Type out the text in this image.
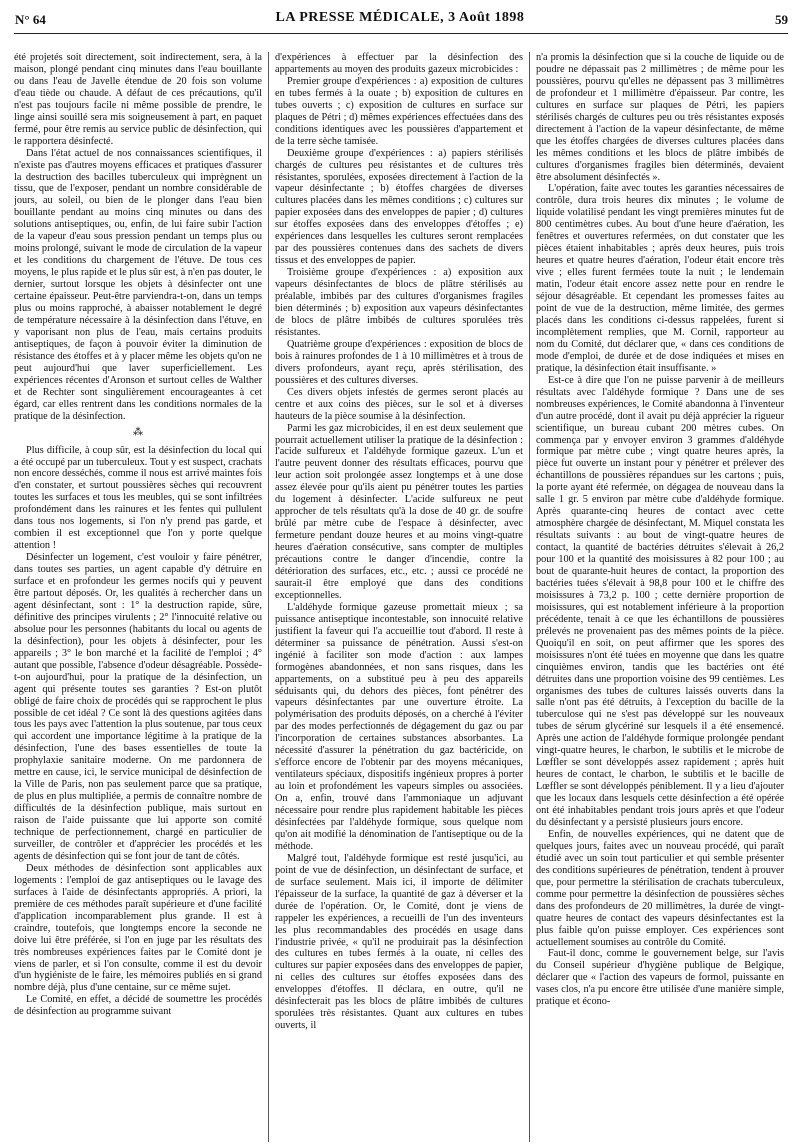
N° 64	LA PRESSE MÉDICALE, 3 Août 1898	59

été projetés soit directement, soit indirectement, sera, à la maison, plongé pendant cinq minutes dans l'eau bouillante ou dans l'eau de Javelle étendue de 20 fois son volume d'eau tiède ou chaude. A défaut de ces précautions, qu'il n'est pas toujours facile ni même possible de prendre, le linge ainsi souillé sera mis soigneusement à part, en paquet fermé, pour être remis au service public de désinfection, qui le rapportera désinfecté.

Dans l'état actuel de nos connaissances scientifiques, il n'existe pas d'autres moyens efficaces et pratiques d'assurer la destruction des bacilles tuberculeux qui imprègnent un tissu, que de l'exposer, pendant un nombre considérable de jours, au soleil, ou bien de le plonger dans l'eau bien bouillante pendant au moins cinq minutes ou dans des solutions antiseptiques, ou, enfin, de lui faire subir l'action de la vapeur d'eau sous pression pendant un temps plus ou moins prolongé, suivant le mode de circulation de la vapeur et les conditions du chargement de l'étuve. De tous ces moyens, le plus rapide et le plus sûr est, à n'en pas douter, le dernier, surtout lorsque les objets à désinfecter ont une certaine épaisseur. Peut-être parviendra-t-on, dans un temps plus ou moins rapproché, à abaisser notablement le degré de température nécessaire à la désinfection dans l'étuve, en y vaporisant non plus de l'eau, mais certains produits antiseptiques, de façon à pouvoir éviter la diminution de résistance des étoffes et à y placer même les objets qu'on ne peut aujourd'hui que laver superficiellement. Les expériences récentes d'Aronson et surtout celles de Walther et de Rechter sont singulièrement encourageantes à cet égard, car elles rentrent dans les conditions normales de la pratique de la désinfection.

⁂

Plus difficile, à coup sûr, est la désinfection du local qui a été occupé par un tuberculeux. Tout y est suspect, crachats non encore desséchés, comme il nous est arrivé maintes fois d'en constater, et surtout poussières sèches qui recouvrent toutes les surfaces et tous les meubles, qui se sont infiltrées profondément dans les rainures et les fentes qui pullulent dans tous nos logements, si l'on n'y prend pas garde, et combien il est exceptionnel que l'on y porte quelque attention !

Désinfecter un logement, c'est vouloir y faire pénétrer, dans toutes ses parties, un agent capable d'y détruire en surface et en profondeur les germes nocifs qui y peuvent être partout déposés. Or, les qualités à rechercher dans un agent désinfectant, sont : 1° la destruction rapide, sûre, définitive des principes virulents ; 2° l'innocuité relative ou absolue pour les personnes (habitants du local ou agents de la désinfection), pour les objets à désinfecter, pour les appareils ; 3° le bon marché et la facilité de l'emploi ; 4° autant que possible, l'absence d'odeur désagréable. Possède-t-on aujourd'hui, pour la pratique de la désinfection, un agent qui présente toutes ses garanties ? Est-on plutôt obligé de faire choix de procédés qui se rapprochent le plus possible de cet idéal ? Ce sont là des questions agitées dans tous les pays avec l'attention la plus soutenue, par tous ceux qui accordent une importance légitime à la pratique de la désinfection, l'une des bases essentielles de toute la prophylaxie sanitaire moderne. On me pardonnera de mettre en cause, ici, le service municipal de désinfection de la Ville de Paris, non pas seulement parce que sa pratique, de plus en plus multipliée, a permis de connaître nombre de difficultés de la désinfection publique, mais surtout en raison de l'aide puissante que lui apporte son comité technique de perfectionnement, chargé en particulier de surveiller, de contrôler et d'apprécier les procédés et les agents de désinfection qui se font jour de tant de côtés.

Deux méthodes de désinfection sont applicables aux logements : l'emploi de gaz antiseptiques ou le lavage des surfaces à l'aide de désinfectants appropriés. A priori, la première de ces méthodes paraît supérieure et d'une facilité d'application incomparablement plus grande. Il est à craindre, toutefois, que longtemps encore la seconde ne doive lui être préférée, si l'on en juge par les résultats des très nombreuses expériences faites par le Comité dont je viens de parler, et si l'on consulte, comme il est du devoir d'un hygiéniste de le faire, les mémoires publiés en si grand nombre déjà, plus d'une centaine, sur ce même sujet.

Le Comité, en effet, a décidé de soumettre les procédés de désinfection au programme suivant

d'expériences à effectuer par la désinfection des appartements au moyen des produits gazeux microbicides :

Premier groupe d'expériences : a) exposition de cultures en tubes fermés à la ouate ; b) exposition de cultures en tubes ouverts ; c) exposition de cultures en surface sur plaques de Pétri ; d) mêmes expériences effectuées dans des conditions identiques avec les poussières d'appartement et de la terre sèche tamisée.

Deuxième groupe d'expériences : a) papiers stérilisés chargés de cultures peu résistantes et de cultures très résistantes, sporulées, exposées directement à l'action de la vapeur désinfectante ; b) étoffes chargées de diverses cultures placées dans les mêmes conditions ; c) cultures sur papier exposées dans des enveloppes de papier ; d) cultures sur étoffes exposées dans des enveloppes d'étoffes ; e) expériences dans lesquelles les cultures seront remplacées par des poussières contenues dans des sachets de divers tissus et des enveloppes de papier.

Troisième groupe d'expériences : a) exposition aux vapeurs désinfectantes de blocs de plâtre stérilisés au préalable, imbibés par des cultures d'organismes fragiles bien déterminés ; b) exposition aux vapeurs désinfectantes de blocs de plâtre imbibés de cultures sporulées très résistantes.

Quatrième groupe d'expériences : exposition de blocs de bois à rainures profondes de 1 à 10 millimètres et à trous de divers profondeurs, ayant reçu, après stérilisation, des poussières et des cultures diverses.

Ces divers objets infestés de germes seront placés au centre et aux coins des pièces, sur le sol et à diverses hauteurs de la pièce soumise à la désinfection.

Parmi les gaz microbicides, il en est deux seulement que pourrait actuellement utiliser la pratique de la désinfection : l'acide sulfureux et l'aldéhyde formique gazeux. L'un et l'autre peuvent donner des résultats efficaces, pourvu que leur action soit prolongée assez longtemps et à une dose assez élevée pour qu'ils aient pu pénétrer toutes les parties du logement à désinfecter. L'acide sulfureux ne peut approcher de tels résultats qu'à la dose de 40 gr. de soufre brûlé par mètre cube de l'espace à désinfecter, avec fermeture pendant douze heures et au moins vingt-quatre heures d'aération consécutive, sans compter de multiples précautions contre le danger d'incendie, contre la détérioration des surfaces, etc., etc. ; aussi ce procédé ne saurait-il être employé que dans des conditions exceptionnelles.

L'aldéhyde formique gazeuse promettait mieux ; sa puissance antiseptique incontestable, son innocuité relative justifient la faveur qui l'a accueillie tout d'abord. Il reste à déterminer sa puissance de pénétration. Aussi s'est-on ingénié à faciliter son mode d'action : aux lampes formogènes abandonnées, et non sans risques, dans les appartements, on a substitué peu à peu des appareils séduisants qui, du dehors des pièces, font pénétrer des vapeurs désinfectantes par une ouverture étroite. La polymérisation des produits déposés, on a cherché à l'éviter par des modes perfectionnés de dégagement du gaz ou par l'incorporation de certaines substances absorbantes. La nécessité d'assurer la pénétration du gaz bactéricide, on s'efforce encore de l'obtenir par des moyens mécaniques, ventilateurs spéciaux, dispositifs ingénieux propres à porter au loin et profondément les vapeurs simples ou associées. On a, enfin, trouvé dans l'ammoniaque un adjuvant nécessaire pour rendre plus rapidement habitable les pièces désinfectées par l'aldéhyde formique, sous quelque nom qu'on ait modifié la dénomination de l'antiseptique ou de la méthode.

Malgré tout, l'aldéhyde formique est resté jusqu'ici, au point de vue de désinfection, un désinfectant de surface, et de surface seulement. Mais ici, il importe de délimiter l'épaisseur de la surface, la quantité de gaz à déverser et la durée de l'opération. Or, le Comité, dont je viens de rappeler les expériences, a recueilli de l'un des inventeurs les plus recommandables des procédés en usage dans l'industrie privée, « qu'il ne produirait pas la désinfection des cultures en tubes fermés à la ouate, ni celles des cultures sur papier exposées dans des enveloppes de papier, ni celles des cultures sur étoffes exposées dans des enveloppes d'étoffes. Il déclara, en outre, qu'il ne désinfecterait pas les blocs de plâtre imbibés de cultures sporulées très résistantes. Quant aux cultures en tubes ouverts, il

n'a promis la désinfection que si la couche de liquide ou de poudre ne dépassait pas 2 millimètres ; de même pour les poussières, pourvu qu'elles ne dépassent pas 3 millimètres de profondeur et 1 millimètre d'épaisseur. Par contre, les cultures en surface sur plaques de Pétri, les papiers stérilisés chargés de cultures peu ou très résistantes exposés directement à l'action de la vapeur désinfectante, de même que les étoffes chargées de diverses cultures placées dans les mêmes conditions et les blocs de plâtre imbibés de cultures d'organismes fragiles bien déterminés, devaient être absolument désinfectés ».

L'opération, faite avec toutes les garanties nécessaires de contrôle, dura trois heures dix minutes ; le volume de liquide volatilisé pendant les vingt premières minutes fut de 800 centimètres cubes. Au bout d'une heure d'aération, les fenêtres et ouvertures refermées, on dut constater que les pièces étaient inhabitables ; après deux heures, puis trois heures et quatre heures d'aération, l'odeur était encore très vive ; elles furent fermées toute la nuit ; le lendemain matin, l'odeur était encore assez nette pour en rendre le séjour désagréable. Et cependant les promesses faites au point de vue de la destruction, même limitée, des germes placés dans les conditions ci-dessus rappelées, furent si incomplètement remplies, que M. Cornil, rapporteur au nom du Comité, dut déclarer que, « dans ces conditions de mode d'emploi, de durée et de dose indiquées et mises en pratique, la désinfection était insuffisante. »

Est-ce à dire que l'on ne puisse parvenir à de meilleurs résultats avec l'aldéhyde formique ? Dans une de ses nombreuses expériences, le Comité abandonna à l'inventeur d'un autre procédé, dont il avait pu déjà apprécier la rigueur scientifique, un bureau cubant 200 mètres cubes. On commença par y envoyer environ 3 grammes d'aldéhyde formique par mètre cube ; vingt quatre heures après, la pièce fut ouverte un instant pour y pénétrer et prélever des échantillons de poussières répandues sur les cartons ; puis, la porte ayant été refermée, on dégagea de nouveau dans la salle 1 gr. 5 environ par mètre cube d'aldéhyde formique. Après quarante-cinq heures de contact avec cette atmosphère chargée de désinfectant, M. Miquel constata les résultats suivants : au bout de vingt-quatre heures de contact, la quantité de bactéries détruites s'élevait à 26,2 pour 100 et la quantité des moisissures à 82 pour 100 ; au bout de quarante-huit heures de contact, la proportion des bactéries tuées s'élevait à 98,8 pour 100 et le chiffre des moisissures à 73,2 p. 100 ; cette dernière proportion de moisissures, qui est notablement inférieure à la proportion précédente, tenait à ce que les échantillons de poussières prélevés ne provenaient pas des mêmes points de la pièce. Quoiqu'il en soit, on peut affirmer que les spores des moisissures n'ont été tuées en moyenne que dans les quatre cinquièmes environ, tandis que les bactéries ont été détruites dans une proportion voisine des 99 centièmes. Les organismes des tubes de cultures laissés ouverts dans la salle n'ont pas été détruits, à l'exception du bacille de la tuberculose qui ne s'est pas développé sur les nouveaux tubes de sérum glycériné sur lesquels il a été ensemencé. Après une action de l'aldéhyde formique prolongée pendant vingt-quatre heures, le charbon, le subtilis et le microbe de Lœffler se sont développés assez rapidement ; après huit heures de contact, le charbon, le subtilis et le bacille de Lœffler se sont développés péniblement. Il y a lieu d'ajouter que les locaux dans lesquels cette désinfection a été opérée ont été inhabitables pendant trois jours après et que l'odeur du désinfectant y a persisté plusieurs jours encore.

Enfin, de nouvelles expériences, qui ne datent que de quelques jours, faites avec un nouveau procédé, qui paraît étudié avec un soin tout particulier et qui semble présenter des conditions supérieures de pénétration, tendent à prouver que, pour permettre la stérilisation de crachats tuberculeux, comme pour permettre la désinfection de poussières sèches dans des profondeurs de 20 millimètres, la durée de vingt-quatre heures de contact des vapeurs désinfectantes est la plus faible qu'on puisse employer. Ces expériences sont actuellement soumises au contrôle du Comité.

Faut-il donc, comme le gouvernement belge, sur l'avis du Conseil supérieur d'hygiène publique de Belgique, déclarer que « l'action des vapeurs de formol, puissante en vases clos, n'a pu encore être utilisée d'une manière simple, pratique et écono-
